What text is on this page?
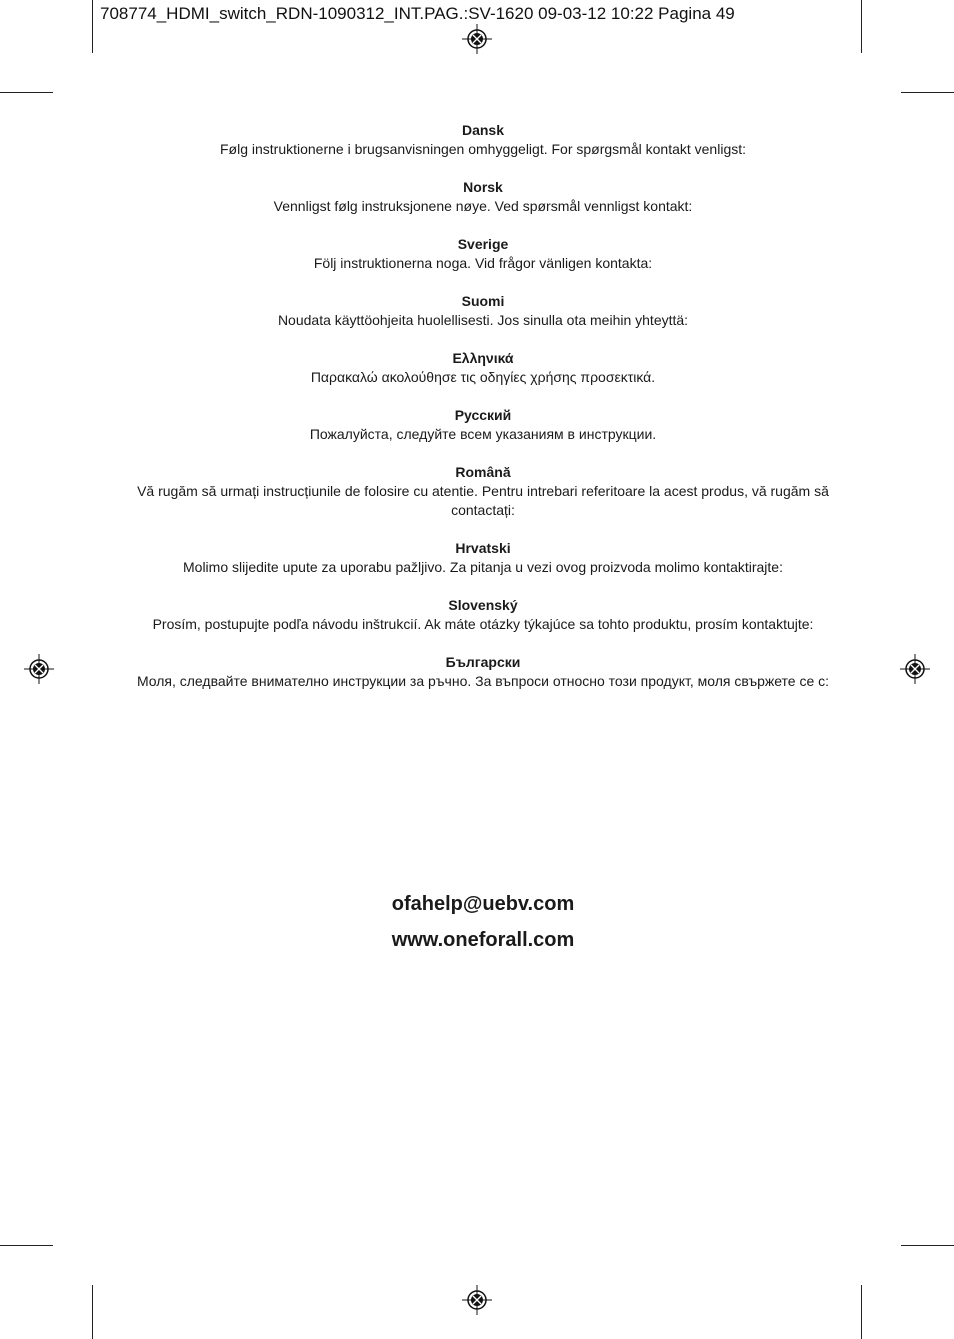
708774_HDMI_switch_RDN-1090312_INT.PAG.:SV-1620 09-03-12 10:22 Pagina 49
Dansk
Følg instruktionerne i brugsanvisningen omhyggeligt. For spørgsmål kontakt venligst:
Norsk
Vennligst følg instruksjonene nøye. Ved spørsmål vennligst kontakt:
Sverige
Följ instruktionerna noga. Vid frågor vänligen kontakta:
Suomi
Noudata käyttöohjeita huolellisesti. Jos sinulla ota meihin yhteyttä:
Ελληνικά
Παρακαλώ ακολούθησε τις οδηγίες χρήσης προσεκτικά.
Русский
Пожалуйста, следуйте всем указаниям в инструкции.
Română
Vă rugăm să urmați instrucțiunile de folosire cu atentie. Pentru intrebari referitoare la acest produs, vă rugăm să contactați:
Hrvatski
Molimo slijedite upute za uporabu pažljivo. Za pitanja u vezi ovog proizvoda molimo kontaktirajte:
Slovenský
Prosím, postupujte podľa návodu inštrukcií. Ak máte otázky týkajúce sa tohto produktu, prosím kontaktujte:
Български
Моля, следвайте внимателно инструкции за ръчно. За въпроси относно този продукт, моля свържете се с:
ofahelp@uebv.com
www.oneforall.com
